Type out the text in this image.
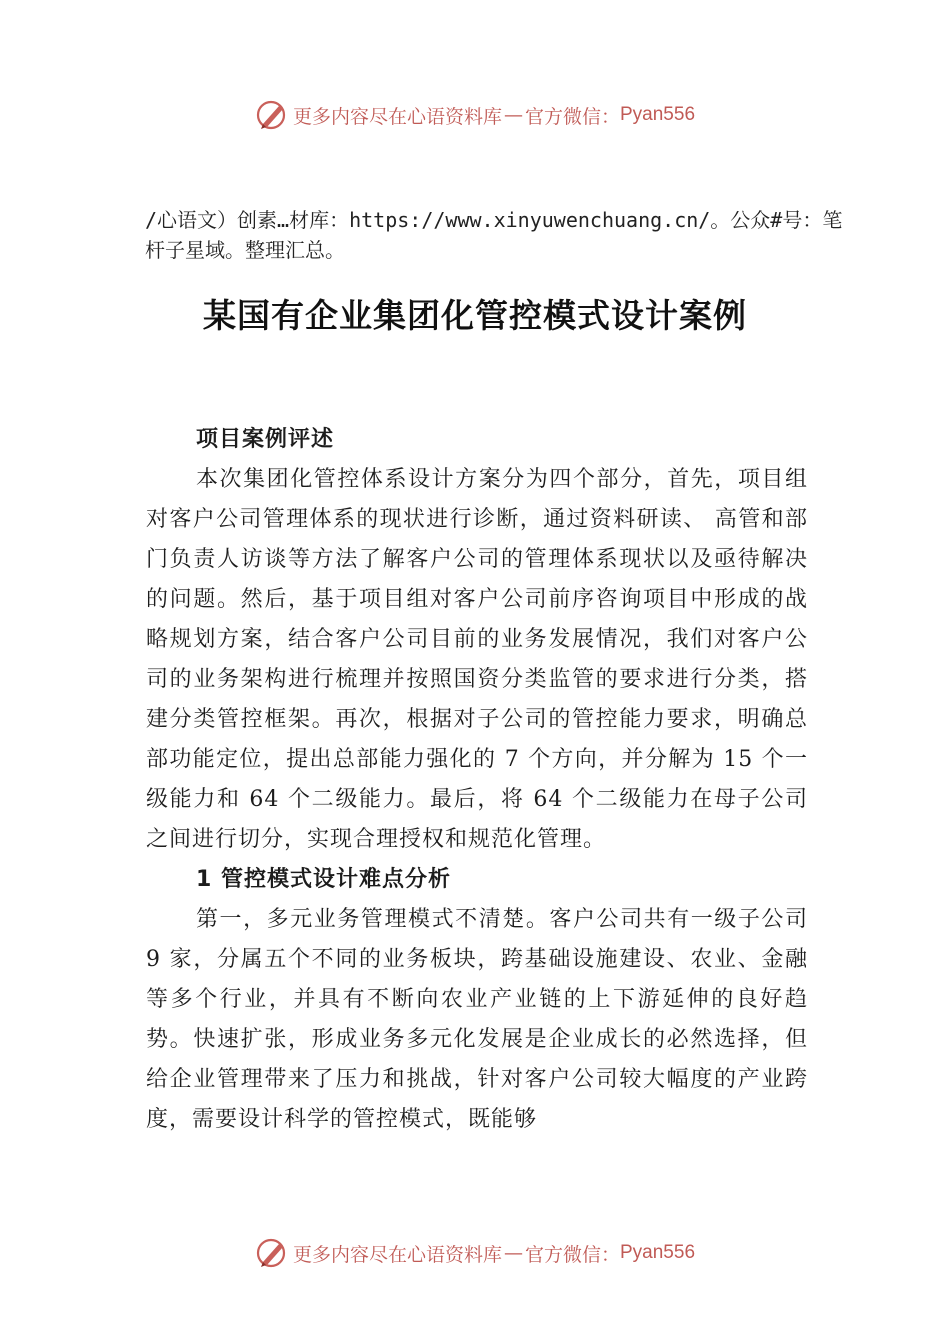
更多内容尽在心语资料库 — 官方微信： Pyan556
/心语文）创素…材库：https://www.xinyuwenchuang.cn/。公众#号：笔杆子星域。整理汇总。
某国有企业集团化管控模式设计案例
项目案例评述

本次集团化管控体系设计方案分为四个部分，首先，项目组对客户公司管理体系的现状进行诊断，通过资料研读、 高管和部门负责人访谈等方法了解客户公司的管理体系现状以及亟待解决的问题。然后，基于项目组对客户公司前序咨询项目中形成的战略规划方案，结合客户公司目前的业务发展情况，我们对客户公司的业务架构进行梳理并按照国资分类监管的要求进行分类，搭建分类管控框架。再次，根据对子公司的管控能力要求，明确总部功能定位，提出总部能力强化的 7 个方向，并分解为 15 个一级能力和 64 个二级能力。最后，将 64 个二级能力在母子公司之间进行切分，实现合理授权和规范化管理。

1 管控模式设计难点分析

第一，多元业务管理模式不清楚。客户公司共有一级子公司 9 家，分属五个不同的业务板块，跨基础设施建设、农业、金融等多个行业，并具有不断向农业产业链的上下游延伸的良好趋势。快速扩张，形成业务多元化发展是企业成长的必然选择，但给企业管理带来了压力和挑战，针对客户公司较大幅度的产业跨度，需要设计科学的管控模式，既能够

更多内容尽在心语资料库 — 官方微信： Pyan556
